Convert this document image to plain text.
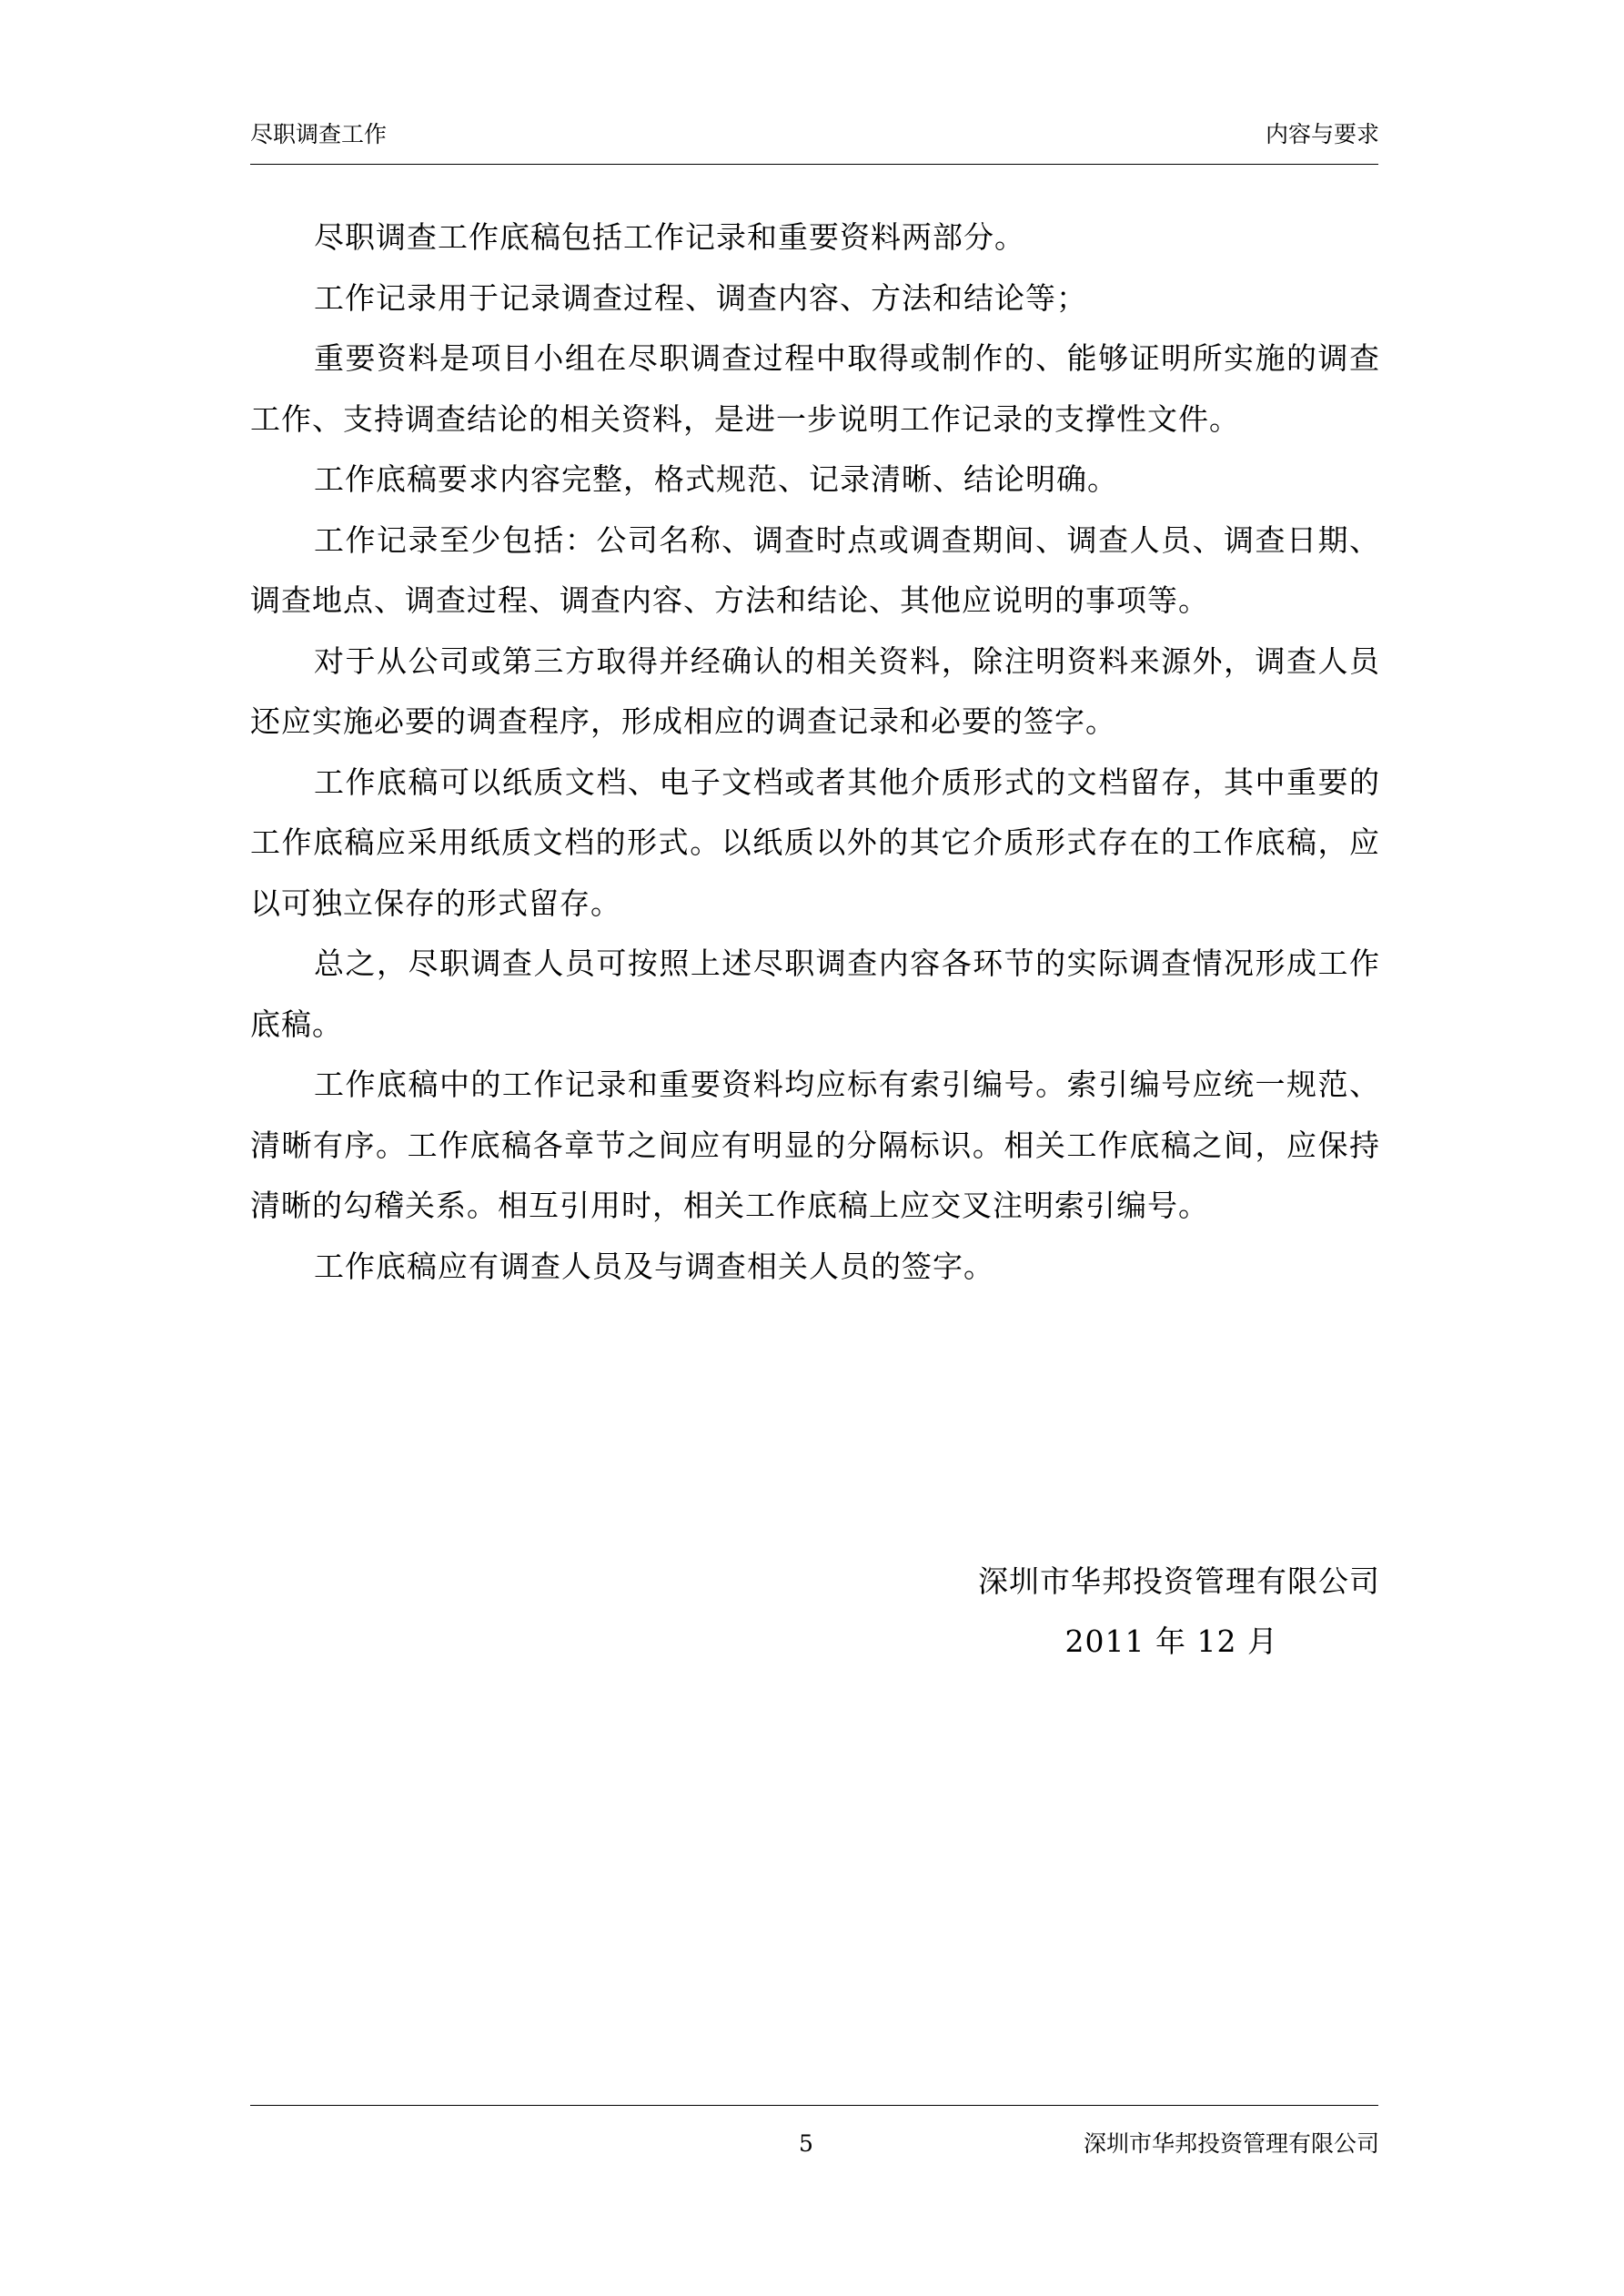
尽职调查工作	内容与要求

尽职调查工作底稿包括工作记录和重要资料两部分。

工作记录用于记录调查过程、调查内容、方法和结论等；

重要资料是项目小组在尽职调查过程中取得或制作的、能够证明所实施的调查工作、支持调查结论的相关资料，是进一步说明工作记录的支撑性文件。

工作底稿要求内容完整，格式规范、记录清晰、结论明确。

工作记录至少包括：公司名称、调查时点或调查期间、调查人员、调查日期、调查地点、调查过程、调查内容、方法和结论、其他应说明的事项等。

对于从公司或第三方取得并经确认的相关资料，除注明资料来源外，调查人员还应实施必要的调查程序，形成相应的调查记录和必要的签字。

工作底稿可以纸质文档、电子文档或者其他介质形式的文档留存，其中重要的工作底稿应采用纸质文档的形式。以纸质以外的其它介质形式存在的工作底稿，应以可独立保存的形式留存。

总之，尽职调查人员可按照上述尽职调查内容各环节的实际调查情况形成工作底稿。

工作底稿中的工作记录和重要资料均应标有索引编号。索引编号应统一规范、清晰有序。工作底稿各章节之间应有明显的分隔标识。相关工作底稿之间，应保持清晰的勾稽关系。相互引用时，相关工作底稿上应交叉注明索引编号。

工作底稿应有调查人员及与调查相关人员的签字。

深圳市华邦投资管理有限公司
2011 年 12 月
5	深圳市华邦投资管理有限公司
